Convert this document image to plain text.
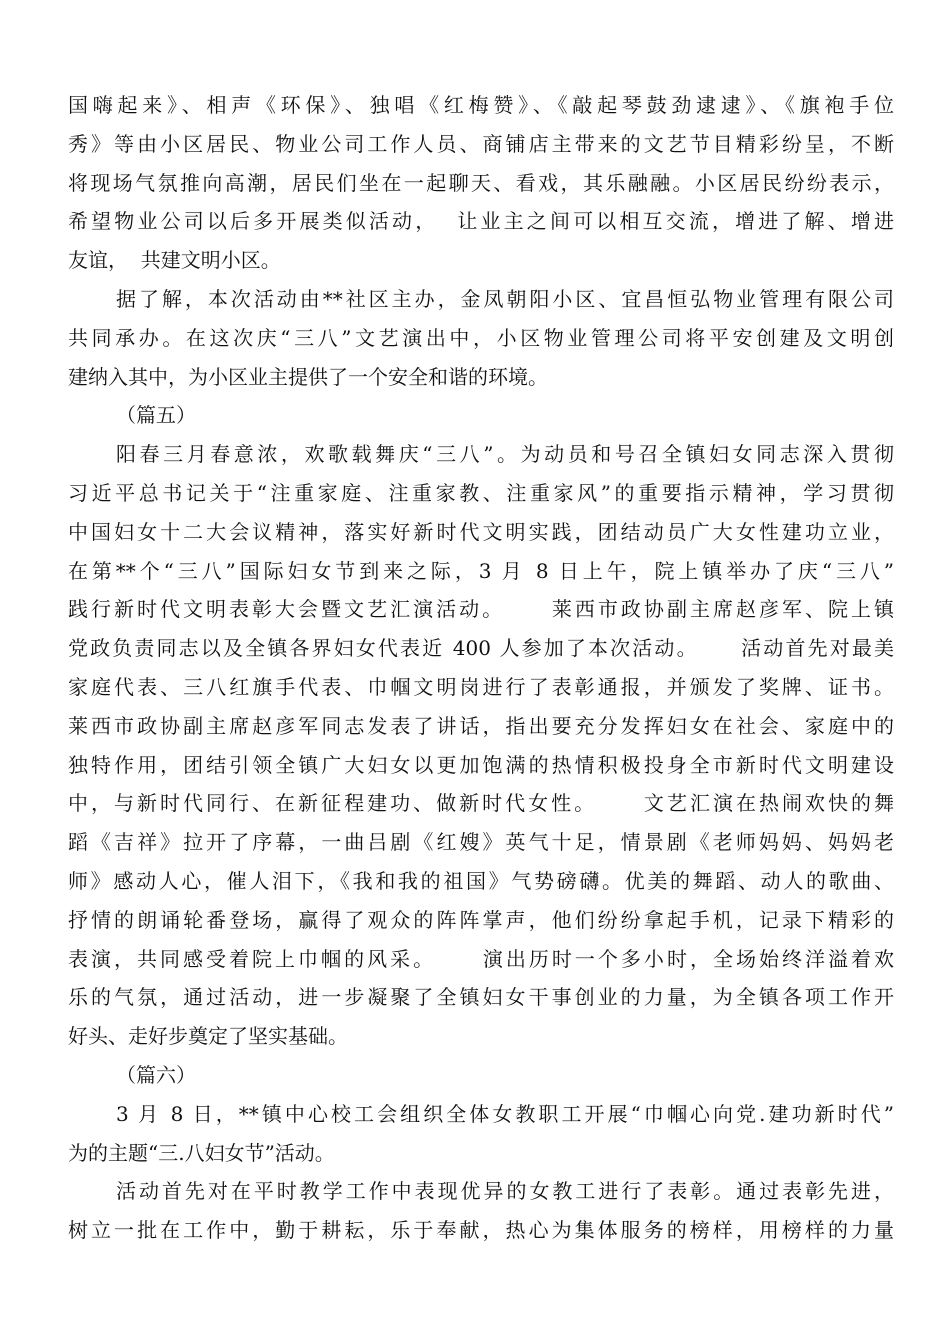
国嗨起来》、相声《环保》、独唱《红梅赞》、《敲起琴鼓劲逮逮》、《旗袍手位
秀》等由小区居民、物业公司工作人员、商铺店主带来的文艺节目精彩纷呈，不断
将现场气氛推向高潮，居民们坐在一起聊天、看戏，其乐融融。小区居民纷纷表示，
希望物业公司以后多开展类似活动，  让业主之间可以相互交流，增进了解、增进
友谊，  共建文明小区。
据了解，本次活动由**社区主办，金凤朝阳小区、宜昌恒弘物业管理有限公司
共同承办。在这次庆“三八”文艺演出中，小区物业管理公司将平安创建及文明创
建纳入其中，为小区业主提供了一个安全和谐的环境。
（篇五）
阳春三月春意浓，欢歌载舞庆“三八”。为动员和号召全镇妇女同志深入贯彻
习近平总书记关于“注重家庭、注重家教、注重家风”的重要指示精神，学习贯彻
中国妇女十二大会议精神，落实好新时代文明实践，团结动员广大女性建功立业，
在第**个“三八”国际妇女节到来之际，3 月 8 日上午，院上镇举办了庆“三八”
践行新时代文明表彰大会暨文艺汇演活动。     莱西市政协副主席赵彦军、院上镇
党政负责同志以及全镇各界妇女代表近 400 人参加了本次活动。     活动首先对最美
家庭代表、三八红旗手代表、巾帼文明岗进行了表彰通报，并颁发了奖牌、证书。
莱西市政协副主席赵彦军同志发表了讲话，指出要充分发挥妇女在社会、家庭中的
独特作用，团结引领全镇广大妇女以更加饱满的热情积极投身全市新时代文明建设
中，与新时代同行、在新征程建功、做新时代女性。     文艺汇演在热闹欢快的舞
蹈《吉祥》拉开了序幕，一曲吕剧《红嫂》英气十足，情景剧《老师妈妈、妈妈老
师》感动人心，催人泪下，《我和我的祖国》气势磅礴。优美的舞蹈、动人的歌曲、
抒情的朗诵轮番登场，赢得了观众的阵阵掌声，他们纷纷拿起手机，记录下精彩的
表演，共同感受着院上巾帼的风采。     演出历时一个多小时，全场始终洋溢着欢
乐的气氛，通过活动，进一步凝聚了全镇妇女干事创业的力量，为全镇各项工作开
好头、走好步奠定了坚实基础。
（篇六）
3 月 8 日，**镇中心校工会组织全体女教职工开展“巾帼心向党.建功新时代”
为的主题“三.八妇女节”活动。
活动首先对在平时教学工作中表现优异的女教工进行了表彰。通过表彰先进，
树立一批在工作中，勤于耕耘，乐于奉献，热心为集体服务的榜样，用榜样的力量
